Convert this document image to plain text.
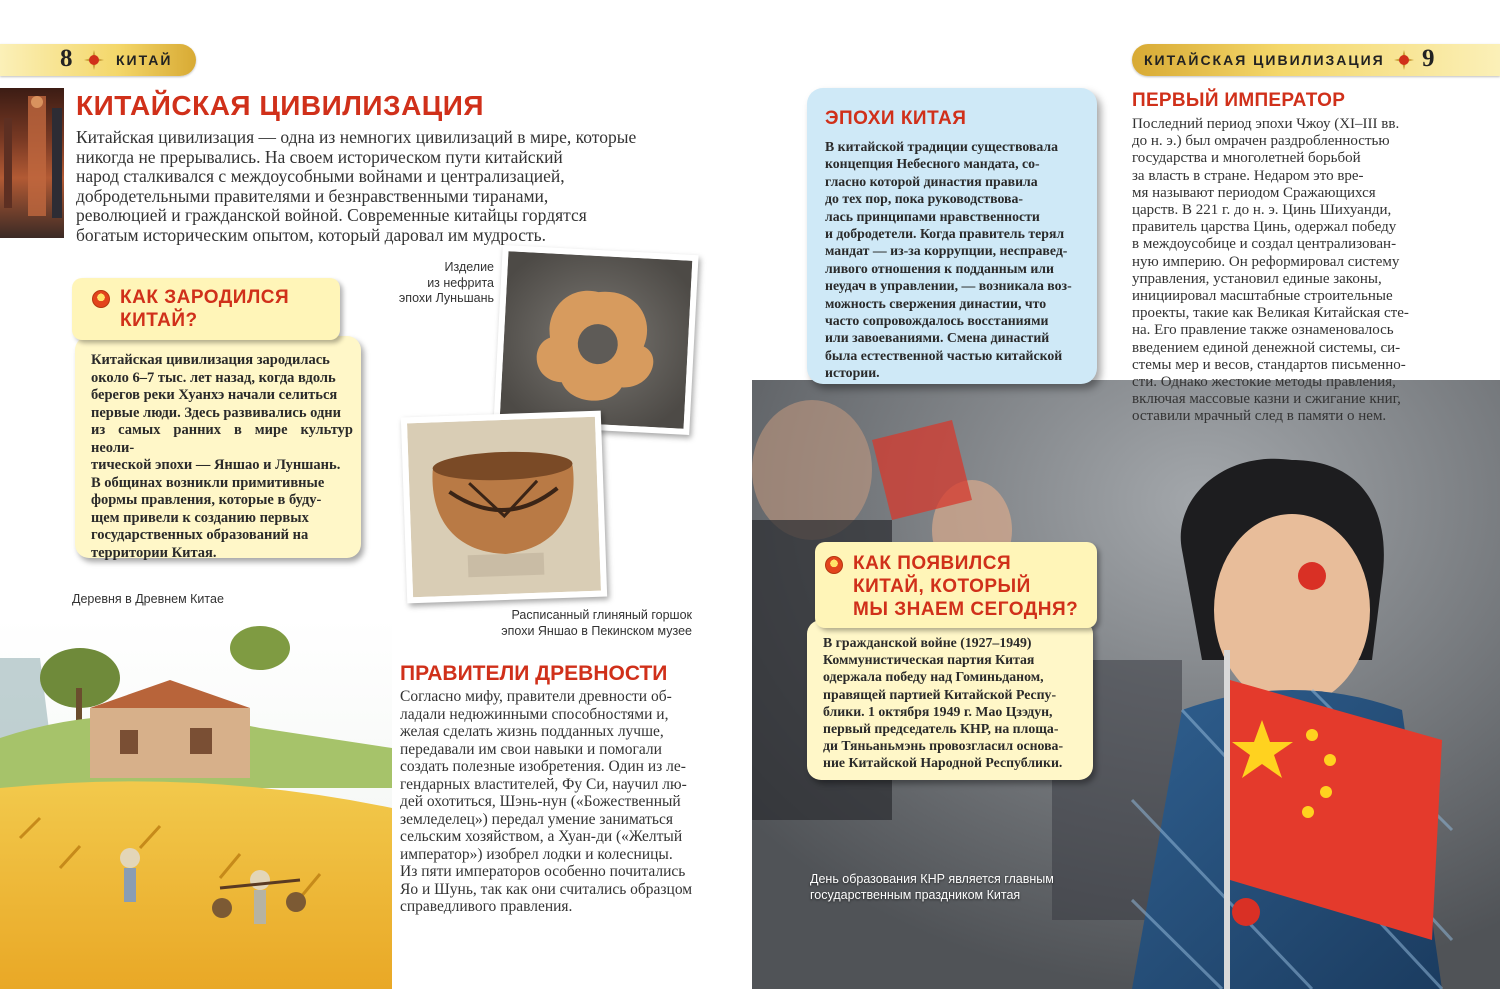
8	КИТАЙ	КИТАЙСКАЯ ЦИВИЛИЗАЦИЯ 9
КИТАЙСКАЯ ЦИВИЛИЗАЦИЯ
Китайская цивилизация — одна из немногих цивилизаций в мире, которые
никогда не прерывались. На своем историческом пути китайский
народ сталкивался с междоусобными войнами и централизацией,
добродетельными правителями и безнравственными тиранами,
революцией и гражданской войной. Современные китайцы гордятся
богатым историческим опытом, который даровал им мудрость.
Китайская цивилизация зародилась
около 6–7 тыс. лет назад, когда вдоль
берегов реки Хуанхэ начали селиться
первые люди. Здесь развивались одни
из самых ранних в мире культур неоли-
тической эпохи — Яншао и Луншань.
В общинах возникли примитивные
формы правления, которые в буду-
щем привели к созданию первых
государственных образований на
территории Китая.
КАК ЗАРОДИЛСЯ
КИТАЙ?
Изделие
из нефрита
эпохи Луньшань
Деревня в Древнем Китае
Расписанный глиняный горшок
эпохи Яншао в Пекинском музее
ПРАВИТЕЛИ ДРЕВНОСТИ
Согласно мифу, правители древности об-
ладали недюжинными способностями и,
желая сделать жизнь подданных лучше,
передавали им свои навыки и помогали
создать полезные изобретения. Один из ле-
гендарных властителей, Фу Си, научил лю-
дей охотиться, Шэнь-нун («Божественный
земледелец») передал умение заниматься
сельским хозяйством, а Хуан-ди («Желтый
император») изобрел лодки и колесницы.
Из пяти императоров особенно почитались
Яо и Шунь, так как они считались образцом
справедливого правления.
ЭПОХИ КИТАЯ
В китайской традиции существовала
концепция Небесного мандата, со-
гласно которой династия правила
до тех пор, пока руководствова-
лась принципами нравственности
и добродетели. Когда правитель терял
мандат — из-за коррупции, несправед-
ливого отношения к подданным или
неудач в управлении, — возникала воз-
можность свержения династии, что
часто сопровождалось восстаниями
или завоеваниями. Смена династий
была естественной частью китайской
истории.
ПЕРВЫЙ ИМПЕРАТОР
Последний период эпохи Чжоу (XI–III вв.
до н. э.) был омрачен раздробленностью
государства и многолетней борьбой
за власть в стране. Недаром это вре-
мя называют периодом Сражающихся
царств. В 221 г. до н. э. Цинь Шихуанди,
правитель царства Цинь, одержал победу
в междоусобице и создал централизован-
ную империю. Он реформировал систему
управления, установил единые законы,
инициировал масштабные строительные
проекты, такие как Великая Китайская сте-
на. Его правление также ознаменовалось
введением единой денежной системы, си-
стемы мер и весов, стандартов письменно-
сти. Однако жестокие методы правления,
включая массовые казни и сжигание книг,
оставили мрачный след в памяти о нем.
В гражданской войне (1927–1949)
Коммунистическая партия Китая
одержала победу над Гоминьданом,
правящей партией Китайской Респу-
блики. 1 октября 1949 г. Мао Цзэдун,
первый председатель КНР, на площа-
ди Тяньаньмэнь провозгласил основа-
ние Китайской Народной Республики.
КАК ПОЯВИЛСЯ
КИТАЙ, КОТОРЫЙ
МЫ ЗНАЕМ СЕГОДНЯ?
День образования КНР является главным
государственным праздником Китая
